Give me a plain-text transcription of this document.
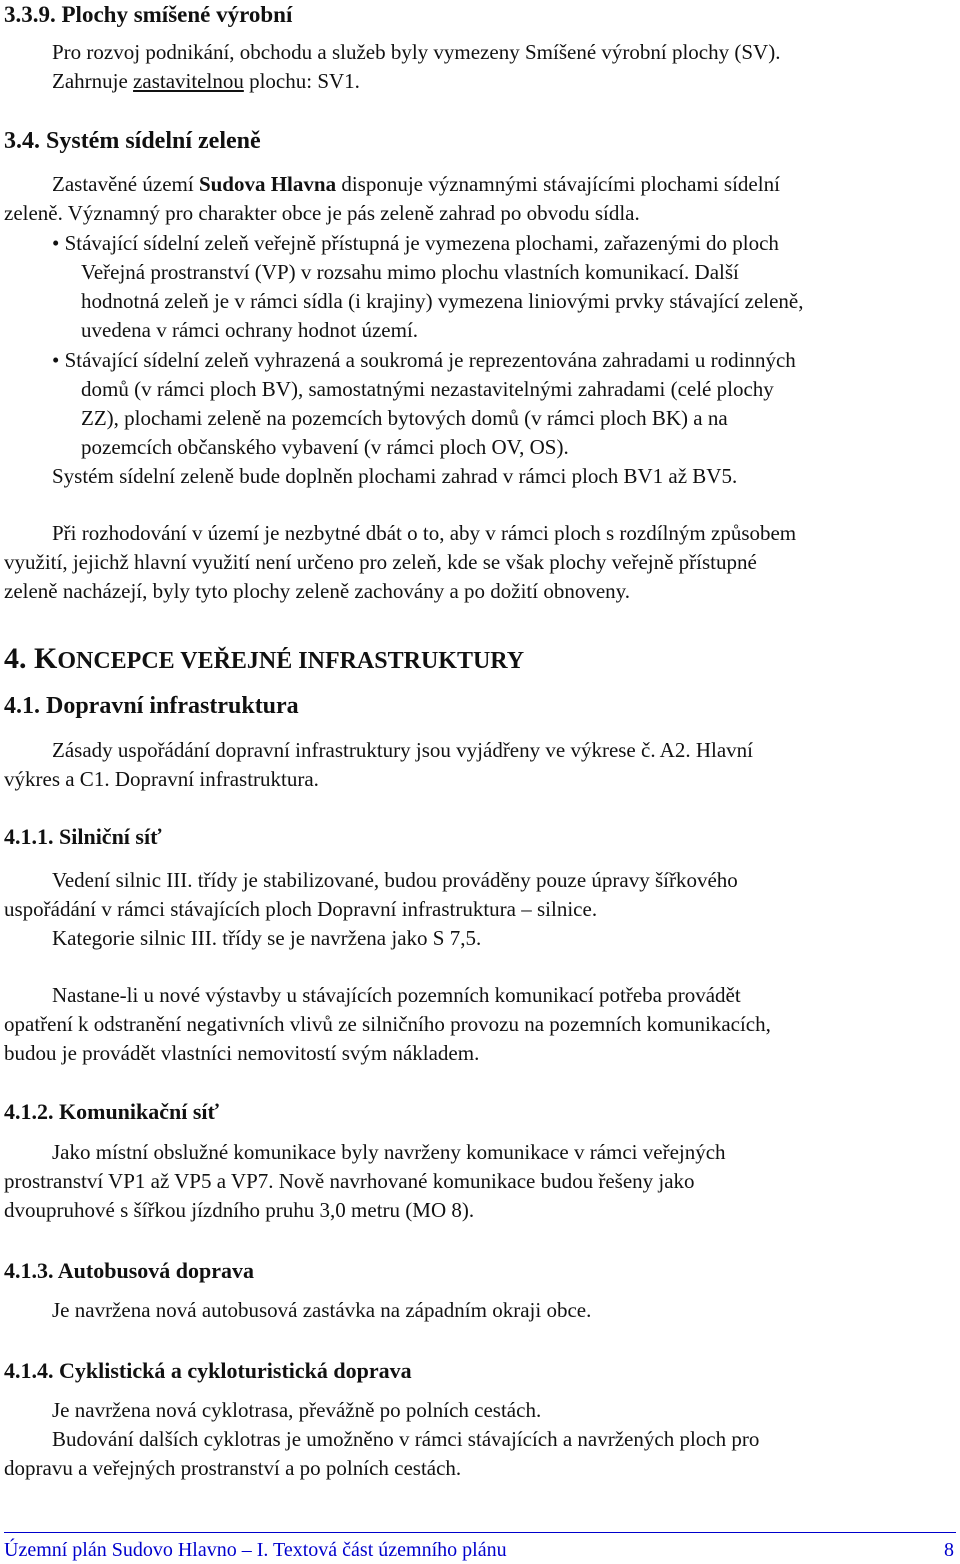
3.3.9. Plochy smíšené výrobní
Pro rozvoj podnikání, obchodu a služeb byly vymezeny Smíšené výrobní plochy (SV).
Zahrnuje zastavitelnou plochu: SV1.
3.4. Systém sídelní zeleně
Zastavěné území Sudova Hlavna disponuje významnými stávajícími plochami sídelní
zeleně. Významný pro charakter obce je pás zeleně zahrad po obvodu sídla.
• Stávající sídelní zeleň veřejně přístupná je vymezena plochami, zařazenými do ploch
Veřejná prostranství (VP) v rozsahu mimo plochu vlastních komunikací. Další
hodnotná zeleň je v rámci sídla (i krajiny) vymezena liniovými prvky stávající zeleně,
uvedena v rámci ochrany hodnot území.
• Stávající sídelní zeleň vyhrazená a soukromá je reprezentována zahradami u rodinných
domů (v rámci ploch BV), samostatnými nezastavitelnými zahradami (celé plochy
ZZ), plochami zeleně na pozemcích bytových domů (v rámci ploch BK) a na
pozemcích občanského vybavení (v rámci ploch OV, OS).
Systém sídelní zeleně bude doplněn plochami zahrad v rámci ploch BV1 až BV5.
Při rozhodování v území je nezbytné dbát o to, aby v rámci ploch s rozdílným způsobem
využití, jejichž hlavní využití není určeno pro zeleň, kde se však plochy veřejně přístupné
zeleně nacházejí, byly tyto plochy zeleně zachovány a po dožití obnoveny.
4. KONCEPCE VEŘEJNÉ INFRASTRUKTURY
4.1. Dopravní infrastruktura
Zásady uspořádání dopravní infrastruktury jsou vyjádřeny ve výkrese č. A2. Hlavní
výkres a C1. Dopravní infrastruktura.
4.1.1. Silniční síť
Vedení silnic III. třídy je stabilizované, budou prováděny pouze úpravy šířkového
uspořádání v rámci stávajících ploch Dopravní infrastruktura – silnice.
Kategorie silnic III. třídy se je navržena jako S 7,5.
Nastane-li u nové výstavby u stávajících pozemních komunikací potřeba provádět
opatření k odstranění negativních vlivů ze silničního provozu na pozemních komunikacích,
budou je provádět vlastníci nemovitostí svým nákladem.
4.1.2. Komunikační síť
Jako místní obslužné komunikace byly navrženy komunikace v rámci veřejných
prostranství VP1 až VP5 a VP7. Nově navrhované komunikace budou řešeny jako
dvoupruhové s šířkou jízdního pruhu 3,0 metru (MO 8).
4.1.3. Autobusová doprava
Je navržena nová autobusová zastávka na západním okraji obce.
4.1.4. Cyklistická a cykloturistická doprava
Je navržena nová cyklotrasa, převážně po polních cestách.
Budování dalších cyklotras je umožněno v rámci stávajících a navržených ploch pro
dopravu a veřejných prostranství a po polních cestách.
Územní plán Sudovo Hlavno – I. Textová část územního plánu	8
